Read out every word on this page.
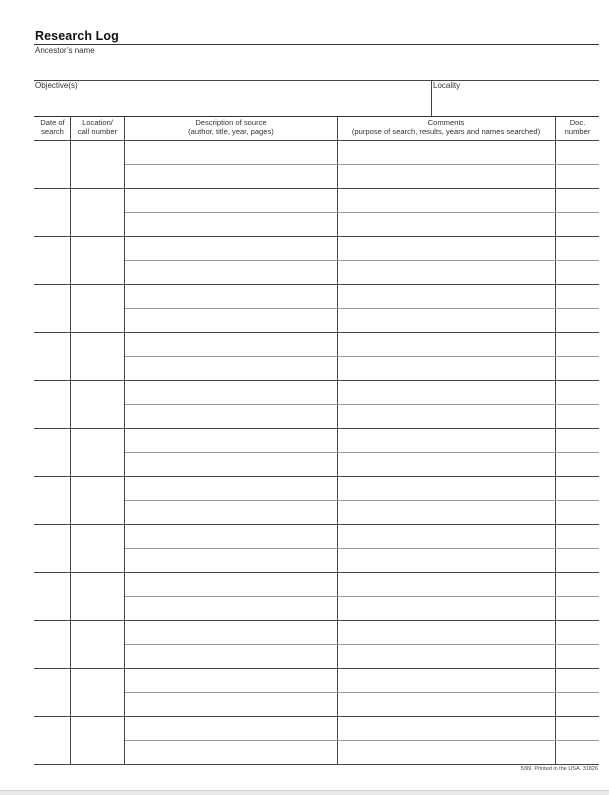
Research Log
Ancestor’s name
Objective(s)	Locality
Date of
search
Location/
call number
Description of source
(author, title, year, pages)
Comments
(purpose of search, results, years and names searched)
Doc.
number
5/99. Printed in the USA. 31826
